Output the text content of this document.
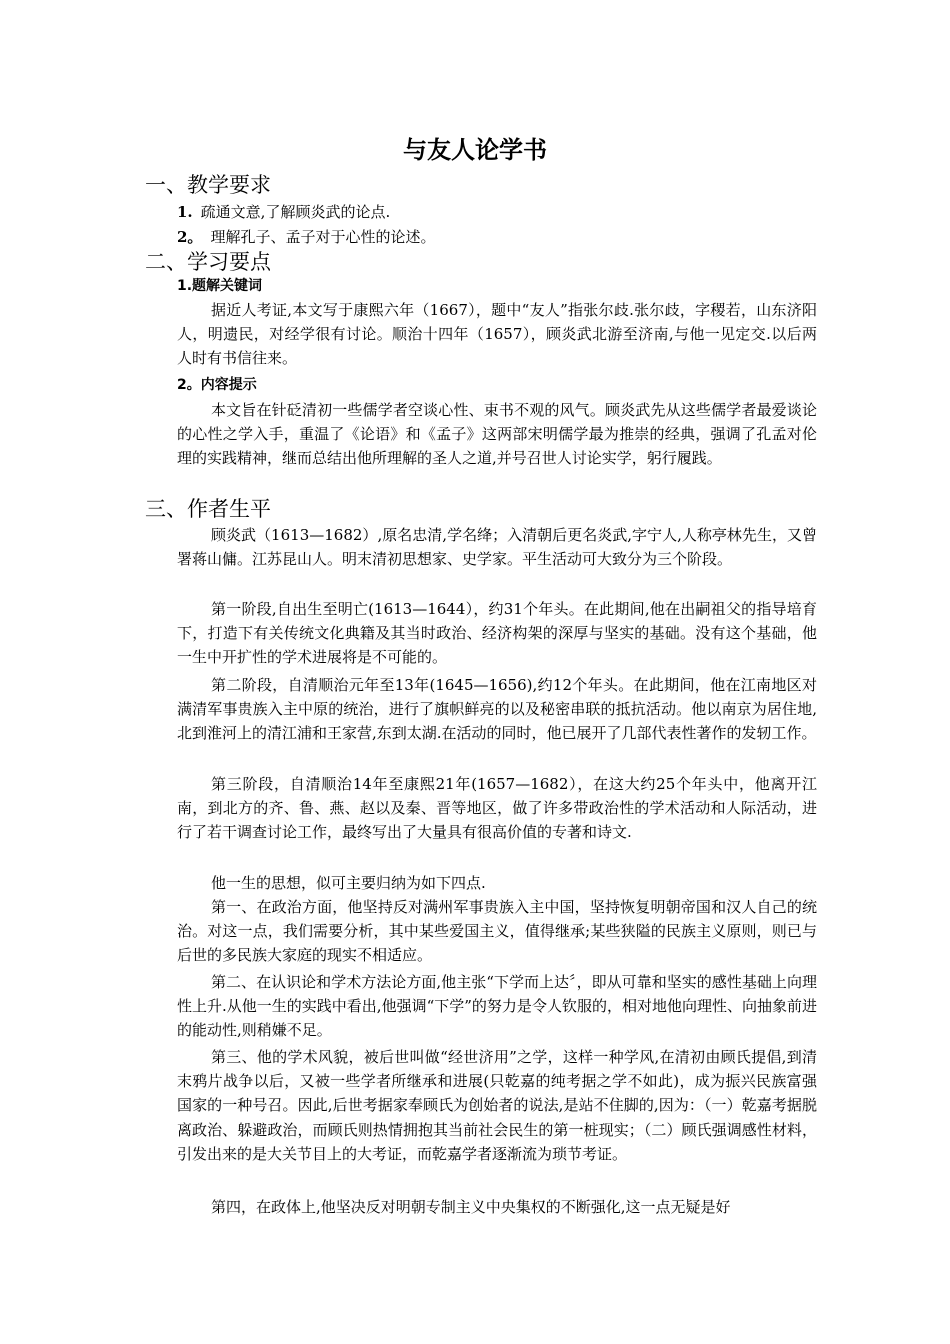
与友人论学书
一、教学要求
1. 疏通文意,了解顾炎武的论点.
2。 理解孔子、孟子对于心性的论述。
二、学习要点
1.题解关键词

据近人考证,本文写于康熙六年（1667），题中“友人”指张尔歧.张尔歧，字稷若，山东济阳人，明遗民，对经学很有讨论。顺治十四年（1657），顾炎武北游至济南,与他一见定交.以后两人时有书信往来。

2。内容提示

本文旨在针砭清初一些儒学者空谈心性、束书不观的风气。顾炎武先从这些儒学者最爱谈论的心性之学入手，重温了《论语》和《孟子》这两部宋明儒学最为推崇的经典，强调了孔孟对伦理的实践精神，继而总结出他所理解的圣人之道,并号召世人讨论实学，躬行履践。

三、作者生平

顾炎武（1613—1682）,原名忠清,学名绛；入清朝后更名炎武,字宁人,人称亭林先生，又曾署蒋山傭。江苏昆山人。明末清初思想家、史学家。平生活动可大致分为三个阶段。

第一阶段,自出生至明亡(1613—1644），约31个年头。在此期间,他在出嗣祖父的指导培育下，打造下有关传统文化典籍及其当时政治、经济构架的深厚与坚实的基础。没有这个基础，他一生中开扩性的学术进展将是不可能的。

第二阶段，自清顺治元年至13年(1645—1656),约12个年头。在此期间，他在江南地区对满清军事贵族入主中原的统治，进行了旗帜鲜亮的以及秘密串联的抵抗活动。他以南京为居住地,北到淮河上的清江浦和王家营,东到太湖.在活动的同时，他已展开了几部代表性著作的发轫工作。

第三阶段，自清顺治14年至康熙21年(1657—1682），在这大约25个年头中，他离开江南，到北方的齐、鲁、燕、赵以及秦、晋等地区，做了许多带政治性的学术活动和人际活动，进行了若干调查讨论工作，最终写出了大量具有很高价值的专著和诗文.

他一生的思想，似可主要归纳为如下四点.

第一、在政治方面，他坚持反对满州军事贵族入主中国，坚持恢复明朝帝国和汉人自己的统治。对这一点，我们需要分析，其中某些爱国主义，值得继承;某些狭隘的民族主义原则，则已与后世的多民族大家庭的现实不相适应。

第二、在认识论和学术方法论方面,他主张“下学而上达〞，即从可靠和坚实的感性基础上向理性上升.从他一生的实践中看出,他强调“下学”的努力是令人钦服的，相对地他向理性、向抽象前进的能动性,则稍嫌不足。

第三、他的学术风貌，被后世叫做“经世济用”之学，这样一种学风,在清初由顾氏提倡,到清末鸦片战争以后，又被一些学者所继承和进展(只乾嘉的纯考据之学不如此)，成为振兴民族富强国家的一种号召。因此,后世考据家奉顾氏为创始者的说法,是站不住脚的,因为：（一）乾嘉考据脱离政治、躲避政治，而顾氏则热情拥抱其当前社会民生的第一桩现实；（二）顾氏强调感性材料，引发出来的是大关节目上的大考证，而乾嘉学者逐渐流为琐节考证。

第四，在政体上,他坚决反对明朝专制主义中央集权的不断强化,这一点无疑是好
